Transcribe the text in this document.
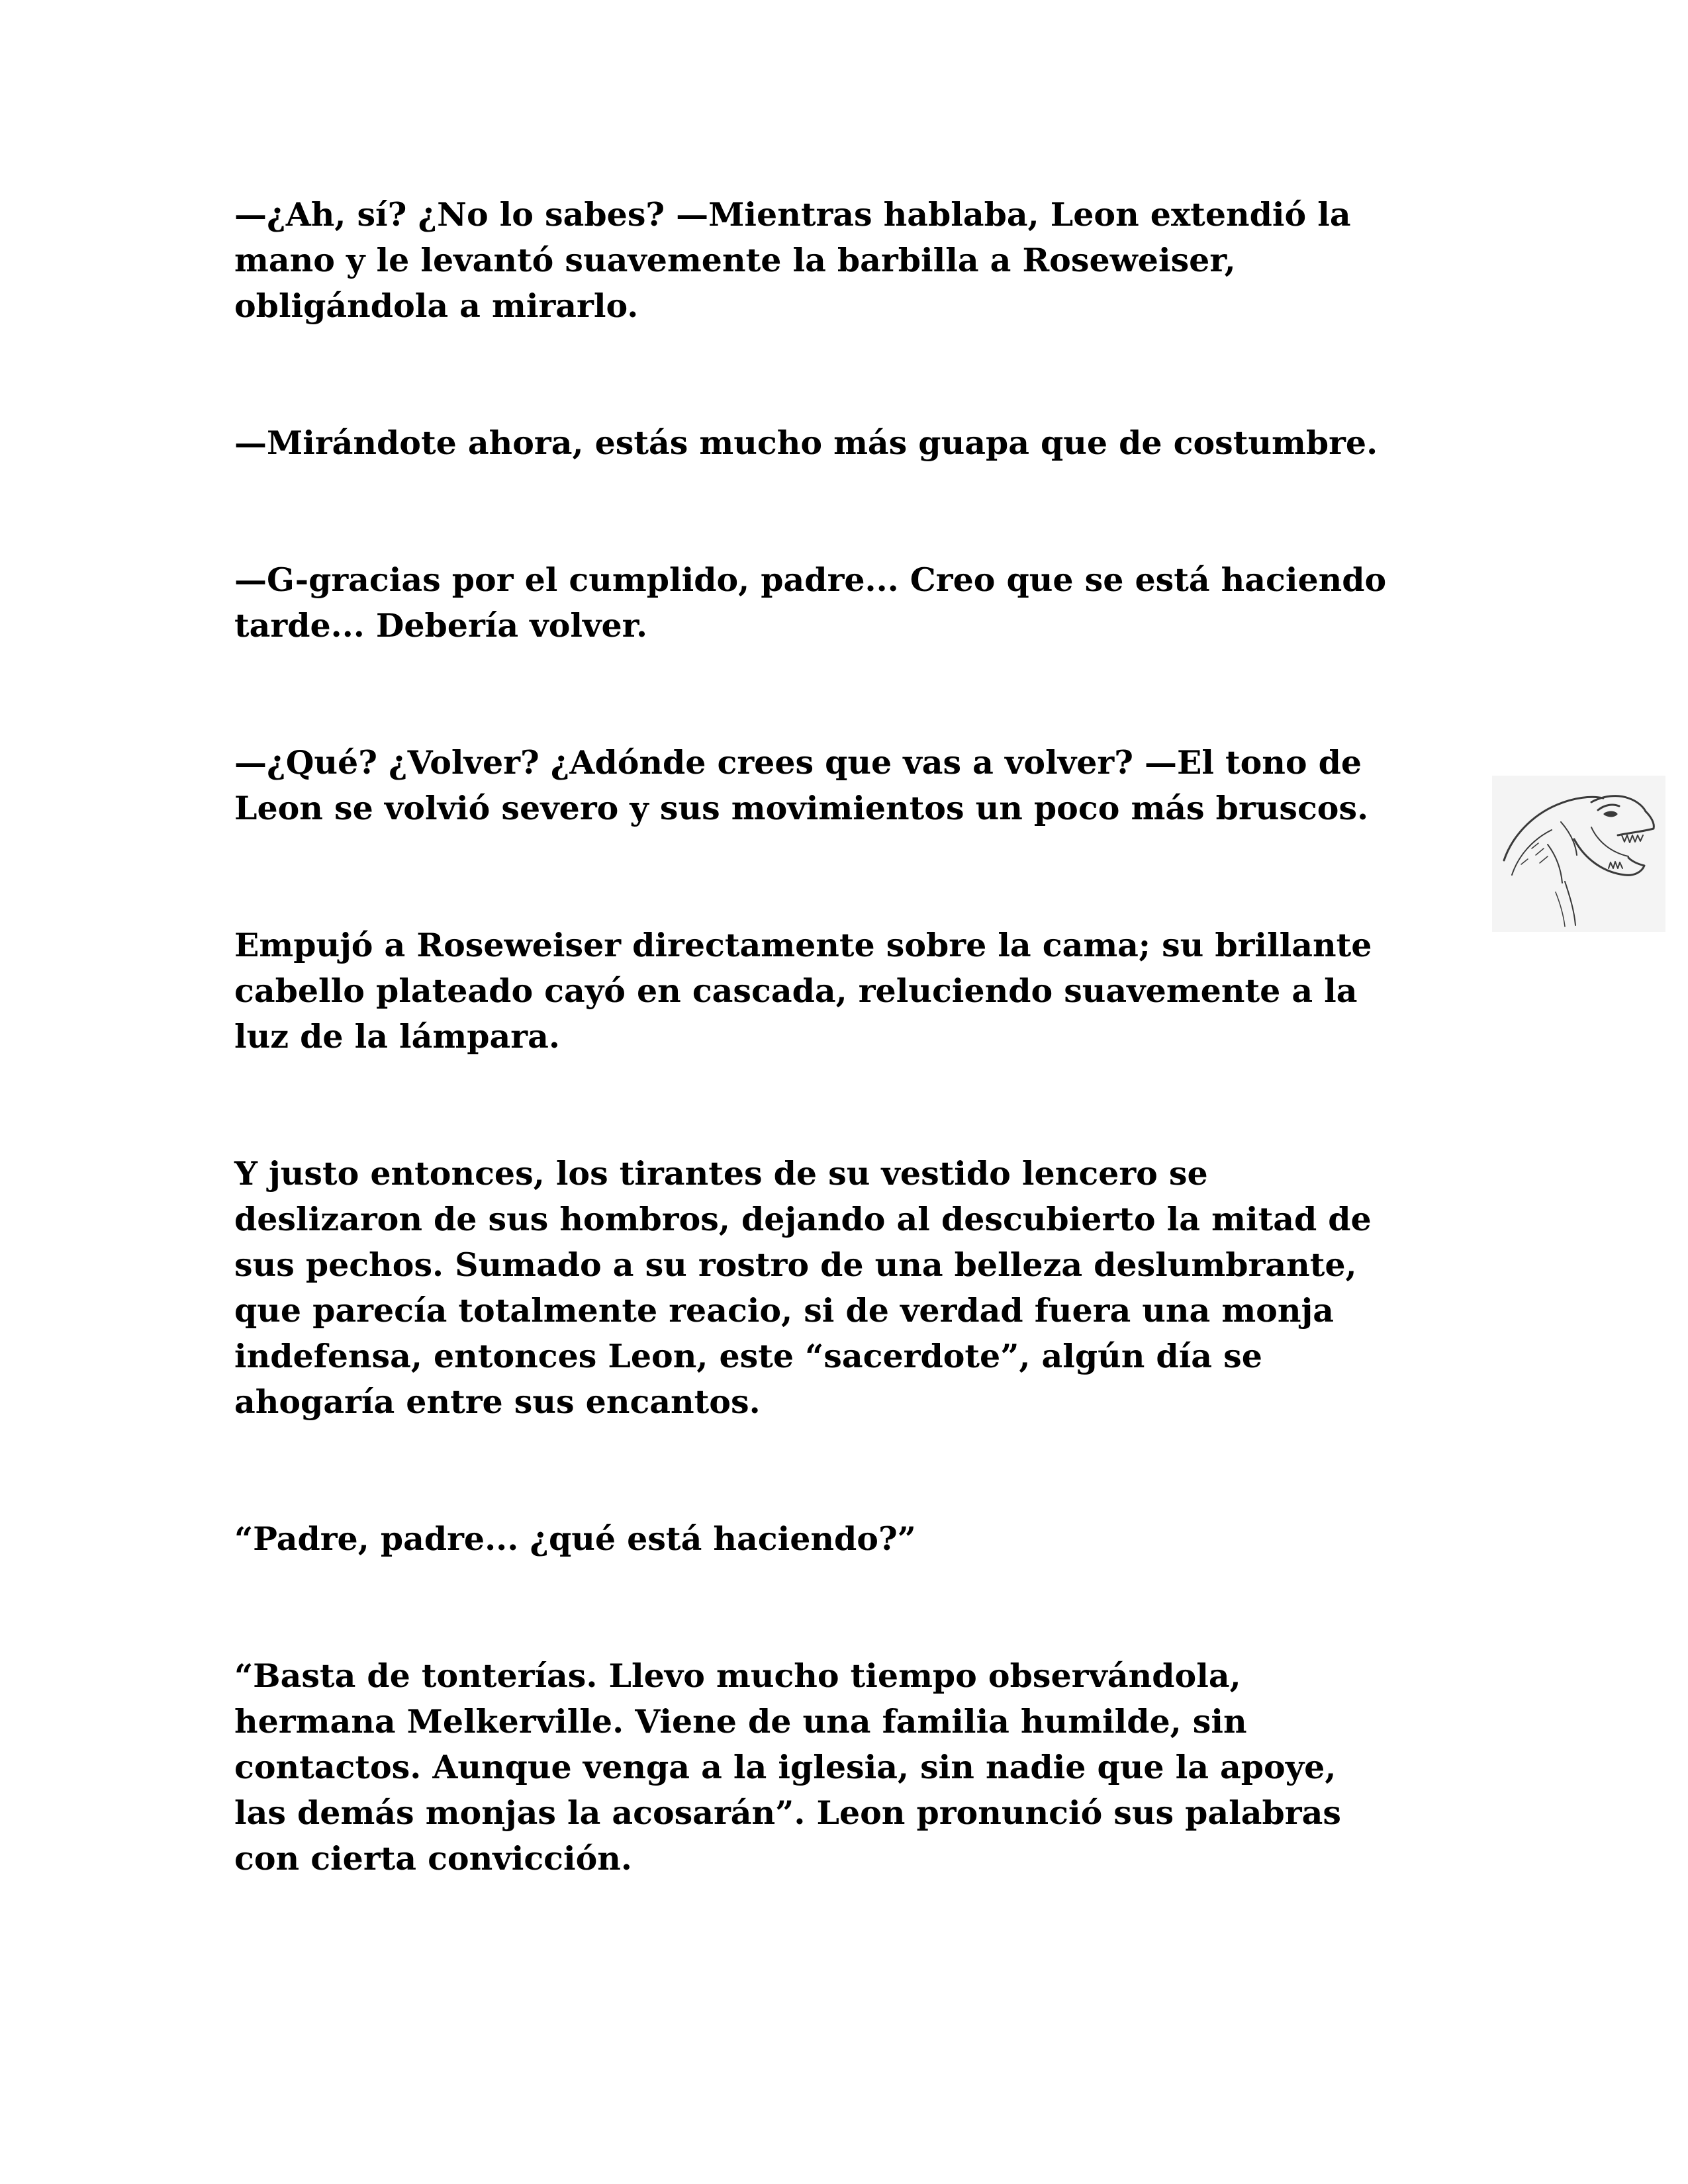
—¿Ah, sí? ¿No lo sabes? —Mientras hablaba, Leon extendió la
mano y le levantó suavemente la barbilla a Roseweiser,
obligándola a mirarlo.

—Mirándote ahora, estás mucho más guapa que de costumbre.

—G-gracias por el cumplido, padre... Creo que se está haciendo
tarde... Debería volver.

—¿Qué? ¿Volver? ¿Adónde crees que vas a volver? —El tono de
Leon se volvió severo y sus movimientos un poco más bruscos.

Empujó a Roseweiser directamente sobre la cama; su brillante
cabello plateado cayó en cascada, reluciendo suavemente a la
luz de la lámpara.

Y justo entonces, los tirantes de su vestido lencero se
deslizaron de sus hombros, dejando al descubierto la mitad de
sus pechos. Sumado a su rostro de una belleza deslumbrante,
que parecía totalmente reacio, si de verdad fuera una monja
indefensa, entonces Leon, este “sacerdote”, algún día se
ahogaría entre sus encantos.

“Padre, padre... ¿qué está haciendo?”

“Basta de tonterías. Llevo mucho tiempo observándola,
hermana Melkerville. Viene de una familia humilde, sin
contactos. Aunque venga a la iglesia, sin nadie que la apoye,
las demás monjas la acosarán”. Leon pronunció sus palabras
con cierta convicción.
